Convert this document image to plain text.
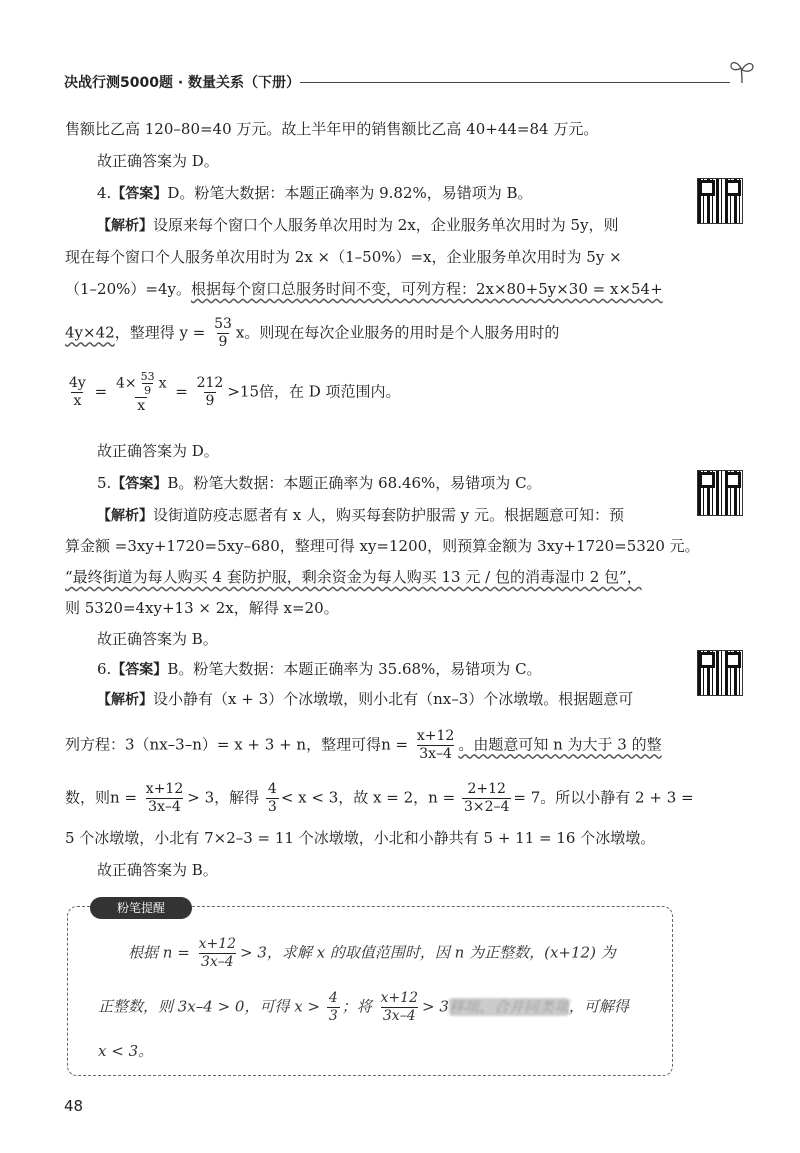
决战行测5000题 · 数量关系（下册）
售额比乙高 120–80=40 万元。故上半年甲的销售额比乙高 40+44=84 万元。
故正确答案为 D。
4.【答案】D。粉笔大数据：本题正确率为 9.82%，易错项为 B。
【解析】设原来每个窗口个人服务单次用时为 2x，企业服务单次用时为 5y，则
现在每个窗口个人服务单次用时为 2x ×（1–50%）=x，企业服务单次用时为 5y ×
（1–20%）=4y。根据每个窗口总服务时间不变，可列方程：2x×80+5y×30 = x×54+
4y×42，整理得 $y = \frac{53}{9}$ x。则现在每次企业服务的用时是个人服务用时的
$\frac{4y}{x} = \frac{4\times \frac{53}{9} x}{x} = \frac{212}{9} >15$倍，在 D 项范围内。
故正确答案为 D。
5.【答案】B。粉笔大数据：本题正确率为 68.46%，易错项为 C。
【解析】设街道防疫志愿者有 x 人，购买每套防护服需 y 元。根据题意可知：预
算金额 =3xy+1720=5xy–680，整理可得 xy=1200，则预算金额为 3xy+1720=5320 元。
“最终街道为每人购买 4 套防护服，剩余资金为每人购买 13 元 / 包的消毒湿巾 2 包”，
则 5320=4xy+13 × 2x，解得 x=20。
故正确答案为 B。
6.【答案】B。粉笔大数据：本题正确率为 35.68%，易错项为 C。
【解析】设小静有（x + 3）个冰墩墩，则小北有（nx–3）个冰墩墩。根据题意可
列方程：3（nx–3–n）= x + 3 + n，整理可得$n = \frac{x+12}{3x-4}$ 。由题意可知 n 为大于 3 的整
数，则$n = \frac{x+12}{3x-4} > 3$，解得 $\frac{4}{3} < x < 3$，故 x = 2，$n = \frac{2+12}{3\times 2-4} = 7$。所以小静有 2 + 3 =
5 个冰墩墩，小北有 7×2–3 = 11 个冰墩墩，小北和小静共有 5 + 11 = 16 个冰墩墩。
故正确答案为 B。
粉笔提醒
根据 $n = \frac{x+12}{3x-4} > 3$，求解 x 的取值范围时，因 n 为正整数，(x+12) 为
正整数，则 3x–4 > 0，可得 $x > \frac{4}{3}$ ；将 $\frac{x+12}{3x-4} > 3$移项、合并同类项，可解得
x < 3。
48
